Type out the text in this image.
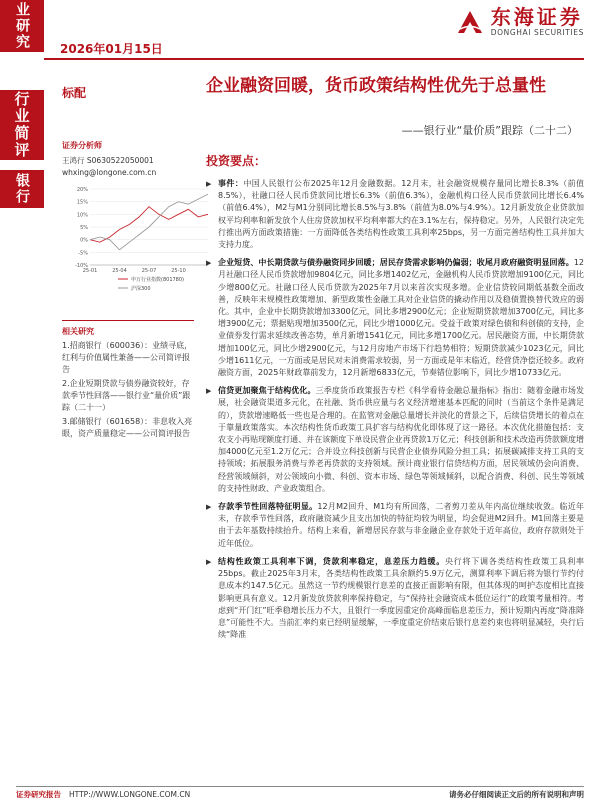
业研究
行业简评
银行
2026年01月15日
东海证券
DONGHAI SECURITIES
标配
证券分析师
王鸿行 S0630522050001
whxing@longone.com.cn
20%
15%
10%
5%
0%
-5%
-10%
25-01	25-04	25-07	25-10
申万行业指数(801780)
沪深300
相关研究
1.招商银行（600036）：业绩寻底，红利与价值属性兼备——公司简评报告
2.企业短期贷款与债券融资较好，存款季节性回落——银行业“量价质”跟踪（二十一）
3.邮储银行（601658）：非息收入亮眼，资产质量稳定——公司简评报告
企业融资回暖，货币政策结构性优先于总量性
——银行业“量价质”跟踪（二十二）
投资要点：
▶ 事件：中国人民银行公布2025年12月金融数据。12月末，社会融资规模存量同比增长8.3%（前值8.5%），社融口径人民币贷款同比增长6.3%（前值6.3%），金融机构口径人民币贷款同比增长6.4%（前值6.4%），M2与M1分别同比增长8.5%与3.8%（前值为8.0%与4.9%）。12月新发放企业贷款加权平均利率和新发放个人住房贷款加权平均利率都大约在3.1%左右，保持稳定。另外，人民银行决定先行推出两方面政策措施：一方面降低各类结构性政策工具利率25bps，另一方面完善结构性工具并加大支持力度。
▶ 企业短贷、中长期贷款与债券融资同步回暖；居民存贷需求影响仍偏弱；收尾月政府融资明显回落。12月社融口径人民币贷款增加9804亿元，同比多增1402亿元，金融机构人民币贷款增加9100亿元，同比少增800亿元。社融口径人民币贷款为2025年7月以来首次实现多增。企业信贷较同期低基数全面改善，反映年末规模性政策增加、新型政策性金融工具对企业信贷的撬动作用以及稳债置换替代效应的弱化。其中，企业中长期贷款增加3300亿元，同比多增2900亿元；企业短期贷款增加3700亿元，同比多增3900亿元；票据贴现增加3500亿元，同比少增1000亿元。受益于政策对绿色债和科创债的支持，企业债券发行需求延续改善态势，单月新增1541亿元，同比多增1700亿元。居民融资方面，中长期贷款增加100亿元，同比少增2900亿元，与12月房地产市场下行趋势相符；短期贷款减少1023亿元，同比少增1611亿元，一方面或是居民对未消费需求较弱，另一方面或是年末临近，经营贷净偿还较多。政府融资方面，2025年财政靠前发力，12月新增6833亿元，节奏错位影响下，同比少增10733亿元。
▶ 信贷更加聚焦于结构优化。三季度货币政策报告专栏《科学看待金融总量指标》指出：随着金融市场发展，社会融资渠道多元化，在社融、货币供应量与名义经济增速基本匹配的同时（当前这个条件是满足的），贷款增速略低一些也是合理的。在监管对金融总量增长并淡化的背景之下，后续信贷增长的着点在于靠量政策落实。本次结构性货币政策工具扩容与结构优化即体现了这一路径。本次优化措施包括：支农支小再贴现额度打通、并在该额度下单设民营企业再贷款1万亿元；科技创新和技术改造再贷款额度增加4000亿元至1.2万亿元；合并设立科技创新与民营企业债券风险分担工具；拓展碳减排支持工具的支持领域；拓展服务消费与养老再贷款的支持领域。预计商业银行信贷结构方面，居民领域仍会向消费、经营领域倾斜，对公领域向小微、科创、资本市场、绿色等领域倾斜，以配合消费、科创、民生等领域的支持性财政、产业政策组合。
▶ 存款季节性回落特征明显。12月M2回升、M1均有所回落，二者剪刀差从年内高位继续收敛。临近年末，存款季节性回落，政府融资减少且支出加快的特征均较为明显，均会促进M2回升。M1回落主要是由于去年基数持续抬升。结构上来看，新增居民存款与非金融企业存款处于近年高位，政府存款则处于近年低位。
▶ 结构性政策工具利率下调，贷款利率稳定，息差压力趋缓。央行将下调各类结构性政策工具利率25bps。截止2025年3月末，各类结构性政策工具余额约5.9万亿元，测算利率下调后将为银行节约付息成本约147.5亿元。虽然这一节约规模银行息差的直接正面影响有限，但其体现的呵护态度相比直接影响更具有意义。12月新发放贷款利率保持稳定，与“保持社会融资成本低位运行”的政策考量相符。考虑到“开门红”旺季稳增长压力不大，且银行一季度因重定价高峰面临息差压力，预计短期内再度“降准降息”可能性不大。当前汇率约束已经明显缓解，一季度重定价结束后银行息差约束也将明显减轻，央行后续“降准
证券研究报告 HTTP://WWW.LONGONE.COM.CN	请务必仔细阅读正文后的所有说明和声明
